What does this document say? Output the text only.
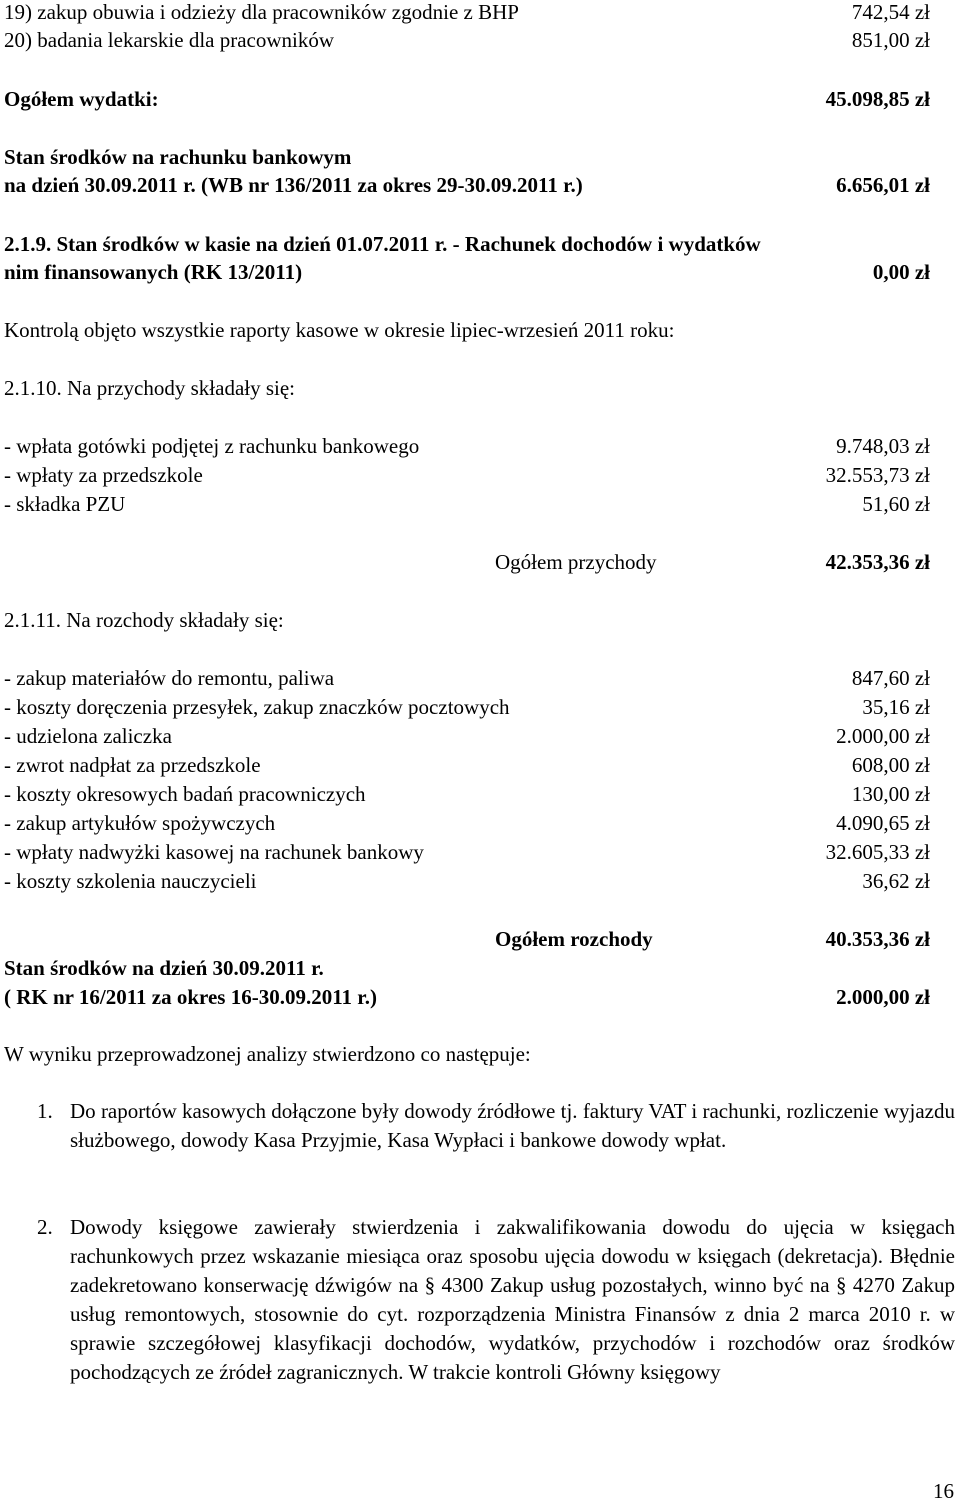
19) zakup obuwia i odzieży dla pracowników zgodnie z BHP	742,54 zł
20) badania lekarskie dla pracowników	851,00 zł
Ogółem wydatki:	45.098,85 zł
Stan środków na rachunku bankowym
na dzień 30.09.2011 r. (WB nr 136/2011 za okres 29-30.09.2011 r.)	6.656,01 zł
2.1.9. Stan środków w kasie na dzień 01.07.2011 r. - Rachunek dochodów i wydatków
nim finansowanych (RK 13/2011)	0,00 zł
Kontrolą objęto wszystkie raporty kasowe w okresie lipiec-wrzesień 2011 roku:
2.1.10. Na przychody składały się:
- wpłata gotówki podjętej z rachunku bankowego	9.748,03 zł
- wpłaty za przedszkole	32.553,73 zł
- składka PZU	51,60 zł
Ogółem przychody	42.353,36 zł
2.1.11. Na rozchody składały się:
- zakup materiałów do remontu, paliwa	847,60 zł
- koszty doręczenia przesyłek, zakup znaczków pocztowych	35,16 zł
- udzielona zaliczka	2.000,00 zł
- zwrot nadpłat za przedszkole	608,00 zł
- koszty okresowych badań pracowniczych	130,00 zł
- zakup artykułów spożywczych	4.090,65 zł
- wpłaty nadwyżki kasowej na rachunek bankowy	32.605,33 zł
- koszty szkolenia nauczycieli	36,62 zł
Ogółem rozchody	40.353,36 zł
Stan środków na dzień 30.09.2011 r.
( RK nr 16/2011 za okres 16-30.09.2011 r.)	2.000,00 zł
W wyniku przeprowadzonej analizy stwierdzono co następuje:
1. Do raportów kasowych dołączone były dowody źródłowe tj. faktury VAT i rachunki, rozliczenie wyjazdu służbowego, dowody Kasa Przyjmie, Kasa Wypłaci i bankowe dowody wpłat.

2. Dowody księgowe zawierały stwierdzenia i zakwalifikowania dowodu do ujęcia w księgach rachunkowych przez wskazanie miesiąca oraz sposobu ujęcia dowodu w księgach (dekretacja). Błędnie zadekretowano konserwację dźwigów na § 4300 Zakup usług pozostałych, winno być na § 4270 Zakup usług remontowych, stosownie do cyt. rozporządzenia Ministra Finansów z dnia 2 marca 2010 r. w sprawie szczegółowej klasyfikacji dochodów, wydatków, przychodów i rozchodów oraz środków pochodzących ze źródeł zagranicznych. W trakcie kontroli Główny księgowy

16
